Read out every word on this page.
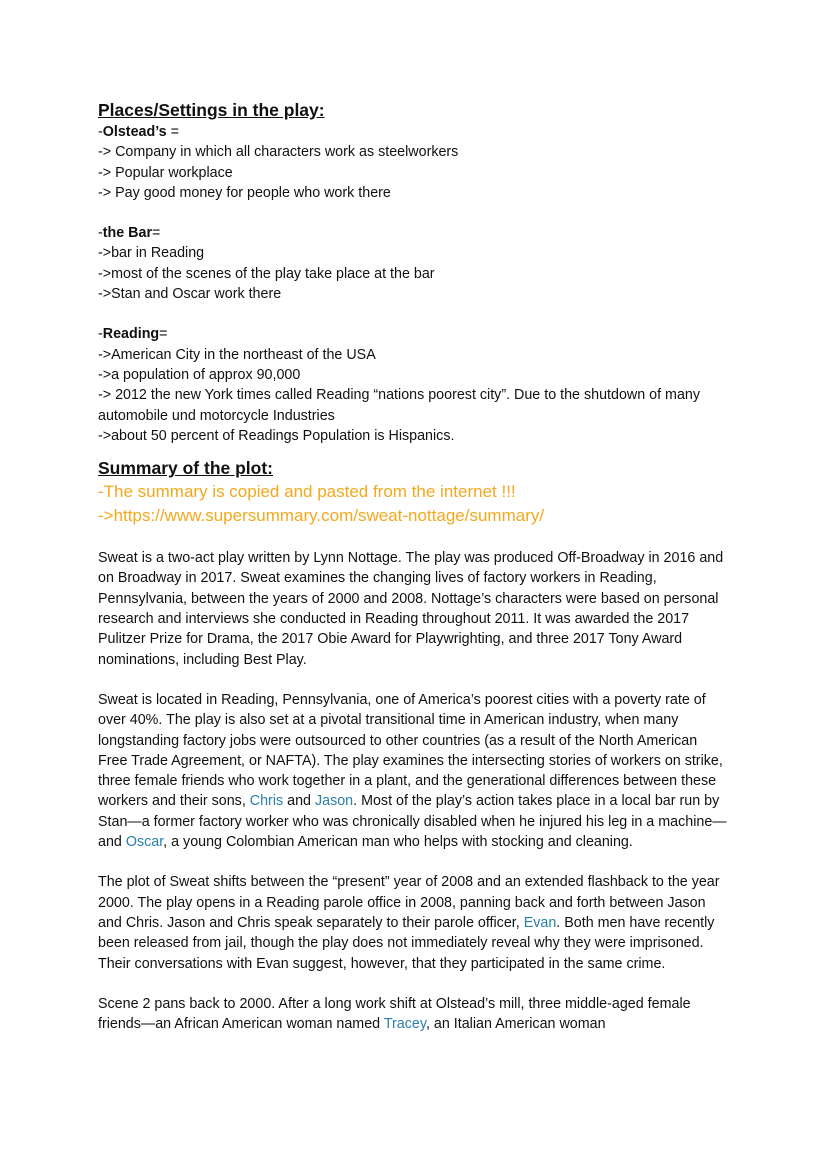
Places/Settings in the play:

-Olstead’s =

-> Company in which all characters work as steelworkers

-> Popular workplace

-> Pay good money for people who work there

-the Bar=

->bar in Reading

->most of the scenes of the play take place at the bar

->Stan and Oscar work there

-Reading=

->American City in the northeast of the USA

->a population of approx 90,000

-> 2012 the new York times called Reading “nations poorest city”. Due to the shutdown of many automobile und motorcycle Industries

->about 50 percent of Readings Population is Hispanics.

Summary of the plot:

-The summary is copied and pasted from the internet !!!

->https://www.supersummary.com/sweat-nottage/summary/

Sweat is a two-act play written by Lynn Nottage. The play was produced Off-Broadway in 2016 and on Broadway in 2017. Sweat examines the changing lives of factory workers in Reading, Pennsylvania, between the years of 2000 and 2008. Nottage’s characters were based on personal research and interviews she conducted in Reading throughout 2011. It was awarded the 2017 Pulitzer Prize for Drama, the 2017 Obie Award for Playwrighting, and three 2017 Tony Award nominations, including Best Play.

Sweat is located in Reading, Pennsylvania, one of America’s poorest cities with a poverty rate of over 40%. The play is also set at a pivotal transitional time in American industry, when many longstanding factory jobs were outsourced to other countries (as a result of the North American Free Trade Agreement, or NAFTA). The play examines the intersecting stories of workers on strike, three female friends who work together in a plant, and the generational differences between these workers and their sons, Chris and Jason. Most of the play’s action takes place in a local bar run by Stan—a former factory worker who was chronically disabled when he injured his leg in a machine—and Oscar, a young Colombian American man who helps with stocking and cleaning.

The plot of Sweat shifts between the “present” year of 2008 and an extended flashback to the year 2000. The play opens in a Reading parole office in 2008, panning back and forth between Jason and Chris. Jason and Chris speak separately to their parole officer, Evan. Both men have recently been released from jail, though the play does not immediately reveal why they were imprisoned. Their conversations with Evan suggest, however, that they participated in the same crime.

Scene 2 pans back to 2000. After a long work shift at Olstead’s mill, three middle-aged female friends—an African American woman named Tracey, an Italian American woman
